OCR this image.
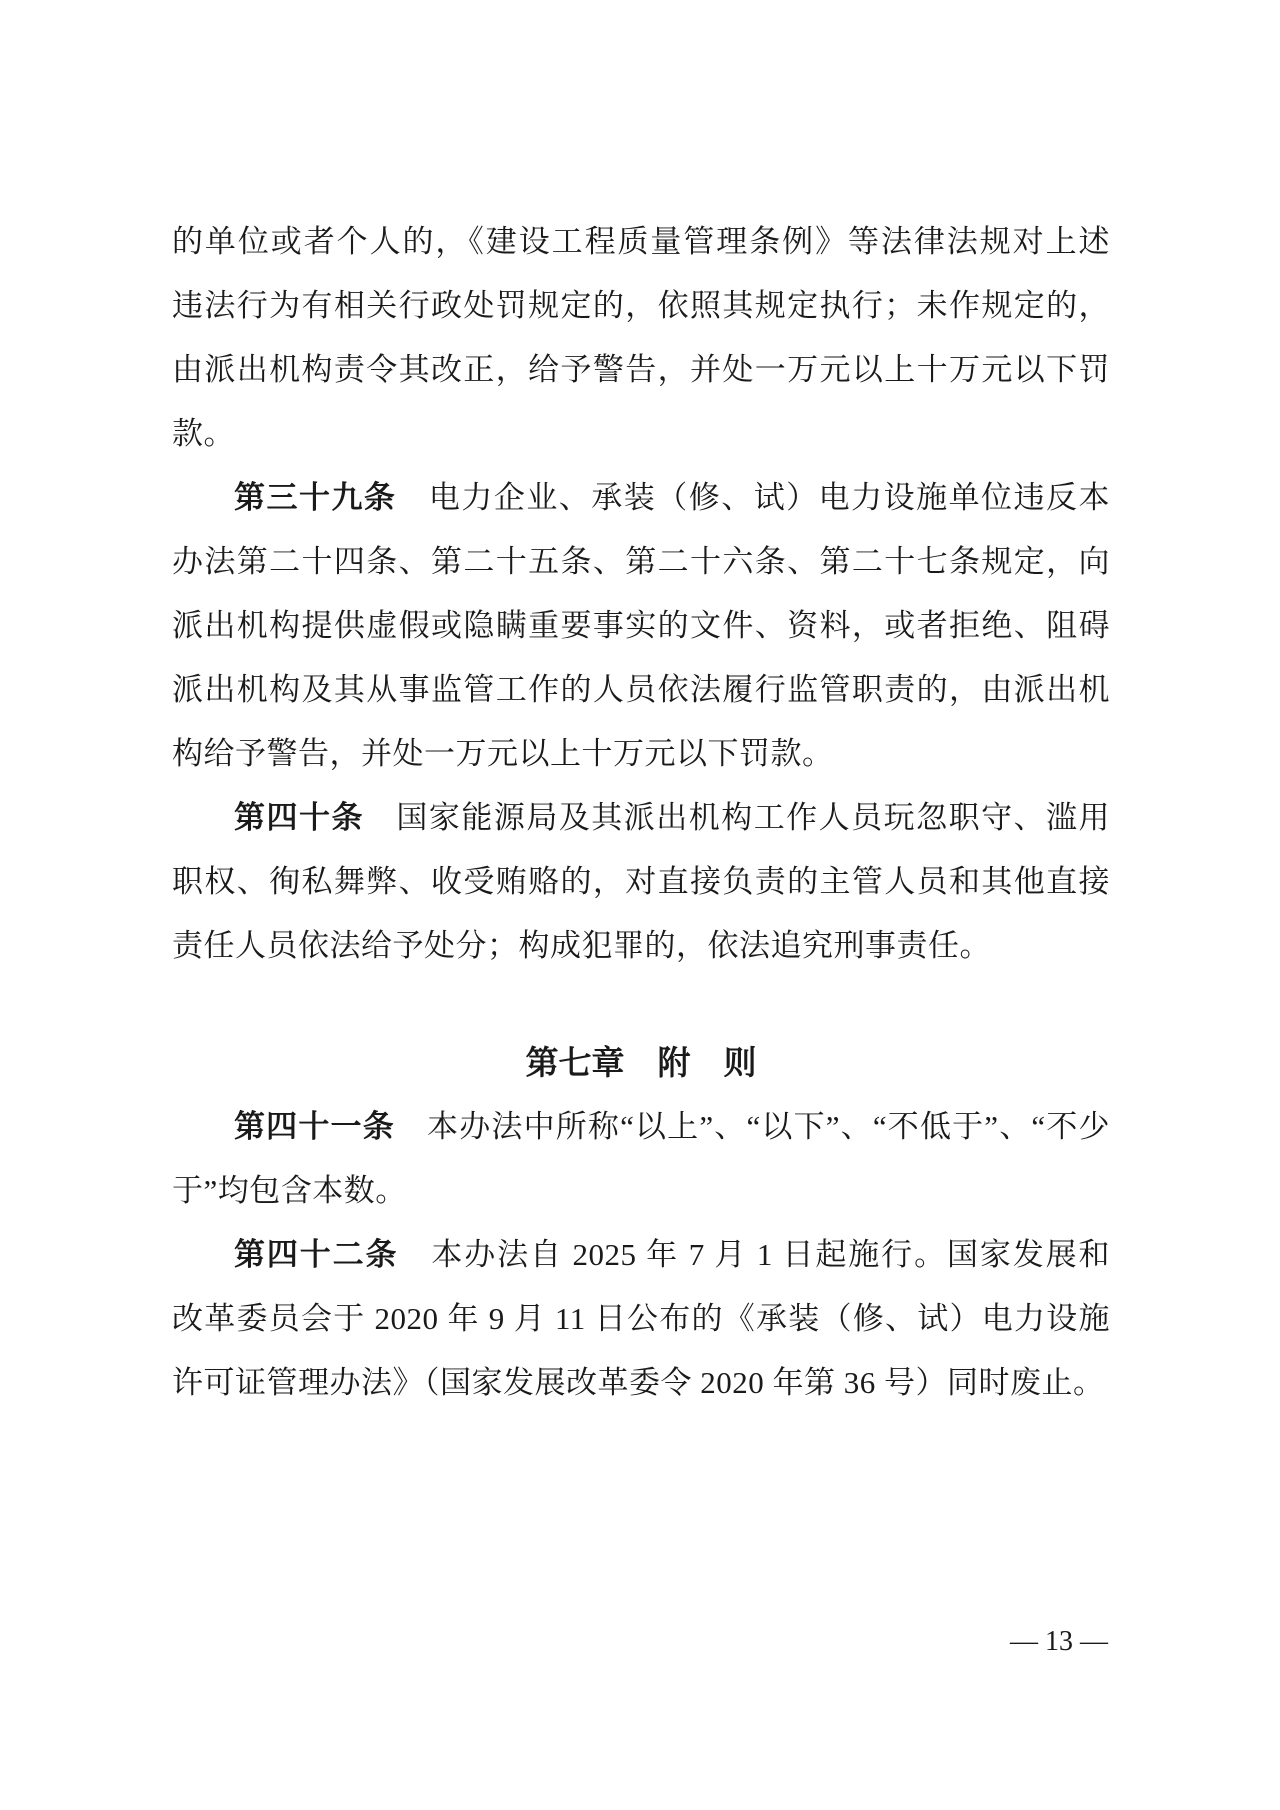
的单位或者个人的，《建设工程质量管理条例》等法律法规对上述
违法行为有相关行政处罚规定的，依照其规定执行；未作规定的，
由派出机构责令其改正，给予警告，并处一万元以上十万元以下罚
款。
第三十九条　电力企业、承装（修、试）电力设施单位违反本
办法第二十四条、第二十五条、第二十六条、第二十七条规定，向
派出机构提供虚假或隐瞒重要事实的文件、资料，或者拒绝、阻碍
派出机构及其从事监管工作的人员依法履行监管职责的，由派出机
构给予警告，并处一万元以上十万元以下罚款。
第四十条　国家能源局及其派出机构工作人员玩忽职守、滥用
职权、徇私舞弊、收受贿赂的，对直接负责的主管人员和其他直接
责任人员依法给予处分；构成犯罪的，依法追究刑事责任。
第七章　附　则
第四十一条　本办法中所称“以上”、“以下”、“不低于”、“不少
于”均包含本数。
第四十二条　本办法自 2025 年 7 月 1 日起施行。国家发展和
改革委员会于 2020 年 9 月 11 日公布的《承装（修、试）电力设施
许可证管理办法》（国家发展改革委令 2020 年第 36 号）同时废止。
— 13 —
